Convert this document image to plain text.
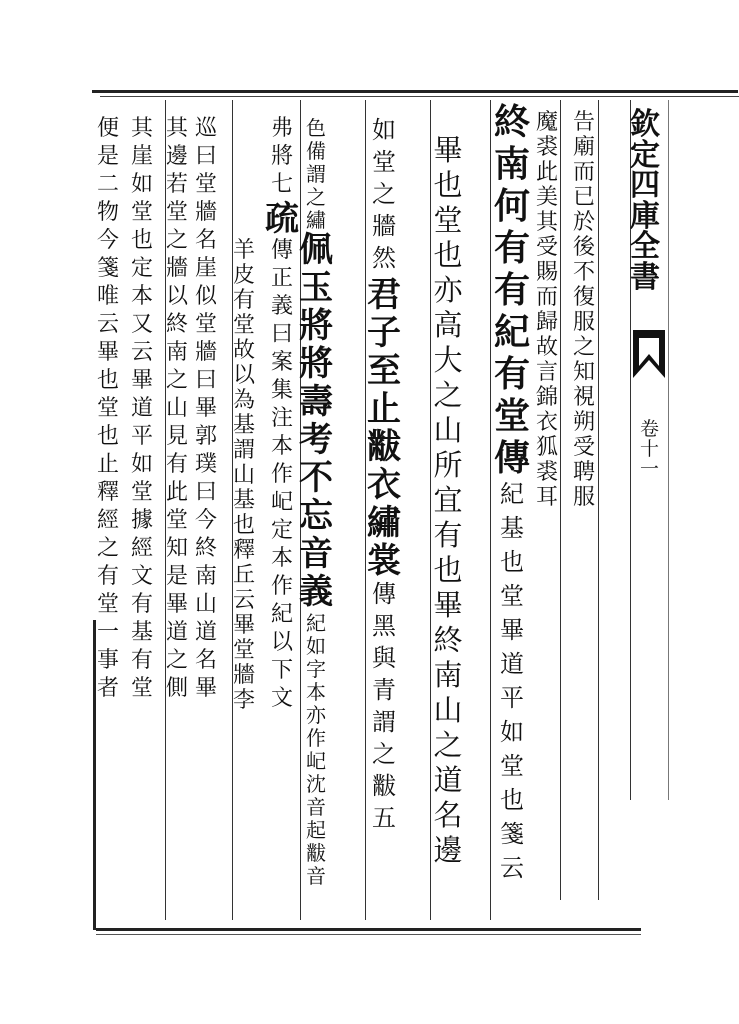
欽
定
四
庫
全
書
卷
十
一
告
廟
而
已
於
後
不
復
服
之
知
視
朔
受
聘
服
魔
裘
此
美
其
受
賜
而
歸
故
言
錦
衣
狐
裘
耳
終
南
何
有
有
紀
有
堂
傳
紀
基
也
堂
畢
道
平
如
堂
也
箋
云
畢
也
堂
也
亦
高
大
之
山
所
宜
有
也
畢
終
南
山
之
道
名
邊
如
堂
之
牆
然
君
子
至
止
黻
衣
繡
裳
傳
黑
與
青
謂
之
黻
五
色
備
謂
之
繡
佩
玉
將
將
壽
考
不
忘
音
義
紀
如
字
本
亦
作
屺
沈
音
起
黻
音
弗
將
七
疏
傳
正
義
曰
案
集
注
本
作
屺
定
本
作
紀
以
下
文
羊
皮
有
堂
故
以
為
基
謂
山
基
也
釋
丘
云
畢
堂
牆
李
巡
曰
堂
牆
名
崖
似
堂
牆
曰
畢
郭
璞
曰
今
終
南
山
道
名
畢
其
邊
若
堂
之
牆
以
終
南
之
山
見
有
此
堂
知
是
畢
道
之
側
其
崖
如
堂
也
定
本
又
云
畢
道
平
如
堂
據
經
文
有
基
有
堂
便
是
二
物
今
箋
唯
云
畢
也
堂
也
止
釋
經
之
有
堂
一
事
者
